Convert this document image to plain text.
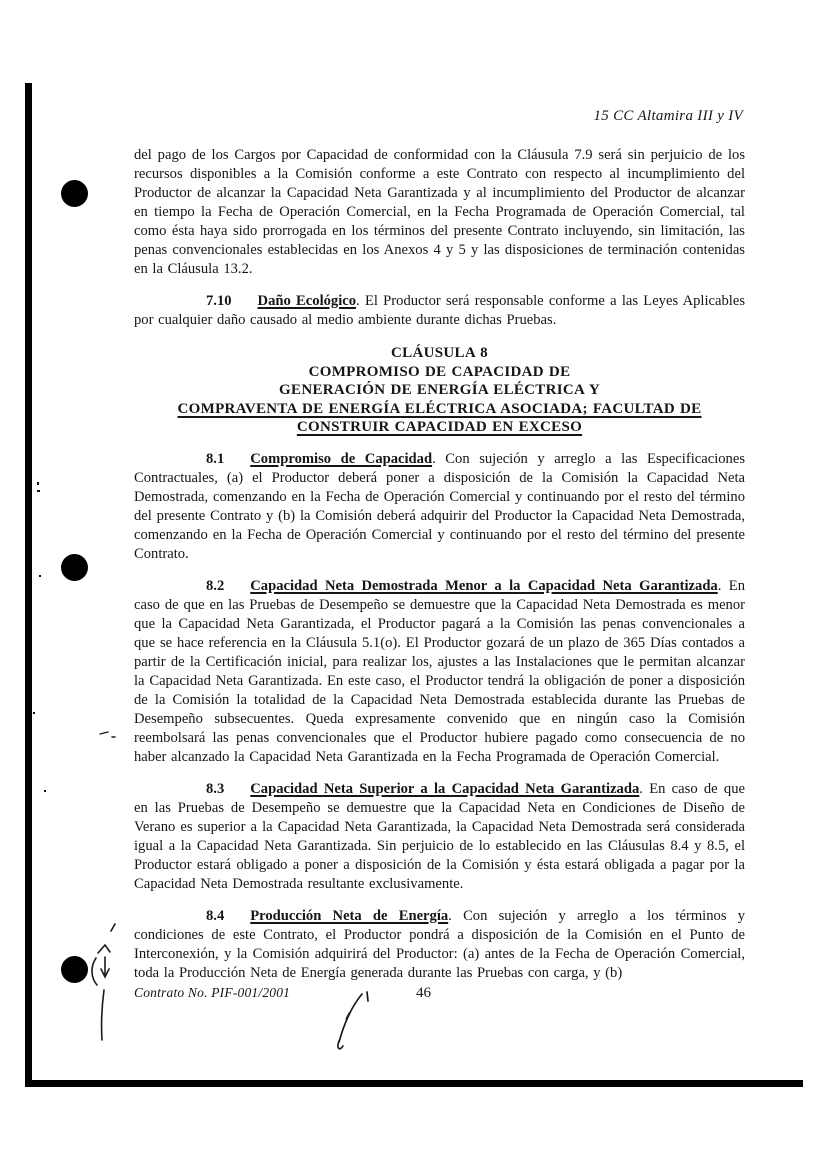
15 CC Altamira III y IV

del pago de los Cargos por Capacidad de conformidad con la Cláusula 7.9 será sin perjuicio de los recursos disponibles a la Comisión conforme a este Contrato con respecto al incumplimiento del Productor de alcanzar la Capacidad Neta Garantizada y al incumplimiento del Productor de alcanzar en tiempo la Fecha de Operación Comercial, en la Fecha Programada de Operación Comercial, tal como ésta haya sido prorrogada en los términos del presente Contrato incluyendo, sin limitación, las penas convencionales establecidas en los Anexos 4 y 5 y las disposiciones de terminación contenidas en la Cláusula 13.2.

7.10 Daño Ecológico. El Productor será responsable conforme a las Leyes Aplicables por cualquier daño causado al medio ambiente durante dichas Pruebas.

CLÁUSULA 8
COMPROMISO DE CAPACIDAD DE
GENERACIÓN DE ENERGÍA ELÉCTRICA Y
COMPRAVENTA DE ENERGÍA ELÉCTRICA ASOCIADA; FACULTAD DE
CONSTRUIR CAPACIDAD EN EXCESO

8.1 Compromiso de Capacidad. Con sujeción y arreglo a las Especificaciones Contractuales, (a) el Productor deberá poner a disposición de la Comisión la Capacidad Neta Demostrada, comenzando en la Fecha de Operación Comercial y continuando por el resto del término del presente Contrato y (b) la Comisión deberá adquirir del Productor la Capacidad Neta Demostrada, comenzando en la Fecha de Operación Comercial y continuando por el resto del término del presente Contrato.

8.2 Capacidad Neta Demostrada Menor a la Capacidad Neta Garantizada. En caso de que en las Pruebas de Desempeño se demuestre que la Capacidad Neta Demostrada es menor que la Capacidad Neta Garantizada, el Productor pagará a la Comisión las penas convencionales a que se hace referencia en la Cláusula 5.1(o). El Productor gozará de un plazo de 365 Días contados a partir de la Certificación inicial, para realizar los, ajustes a las Instalaciones que le permitan alcanzar la Capacidad Neta Garantizada. En este caso, el Productor tendrá la obligación de poner a disposición de la Comisión la totalidad de la Capacidad Neta Demostrada establecida durante las Pruebas de Desempeño subsecuentes. Queda expresamente convenido que en ningún caso la Comisión reembolsará las penas convencionales que el Productor hubiere pagado como consecuencia de no haber alcanzado la Capacidad Neta Garantizada en la Fecha Programada de Operación Comercial.

8.3 Capacidad Neta Superior a la Capacidad Neta Garantizada. En caso de que en las Pruebas de Desempeño se demuestre que la Capacidad Neta en Condiciones de Diseño de Verano es superior a la Capacidad Neta Garantizada, la Capacidad Neta Demostrada será considerada igual a la Capacidad Neta Garantizada. Sin perjuicio de lo establecido en las Cláusulas 8.4 y 8.5, el Productor estará obligado a poner a disposición de la Comisión y ésta estará obligada a pagar por la Capacidad Neta Demostrada resultante exclusivamente.

8.4 Producción Neta de Energía. Con sujeción y arreglo a los términos y condiciones de este Contrato, el Productor pondrá a disposición de la Comisión en el Punto de Interconexión, y la Comisión adquirirá del Productor: (a) antes de la Fecha de Operación Comercial, toda la Producción Neta de Energía generada durante las Pruebas con carga, y (b)

Contrato No. PIF-001/2001	46
